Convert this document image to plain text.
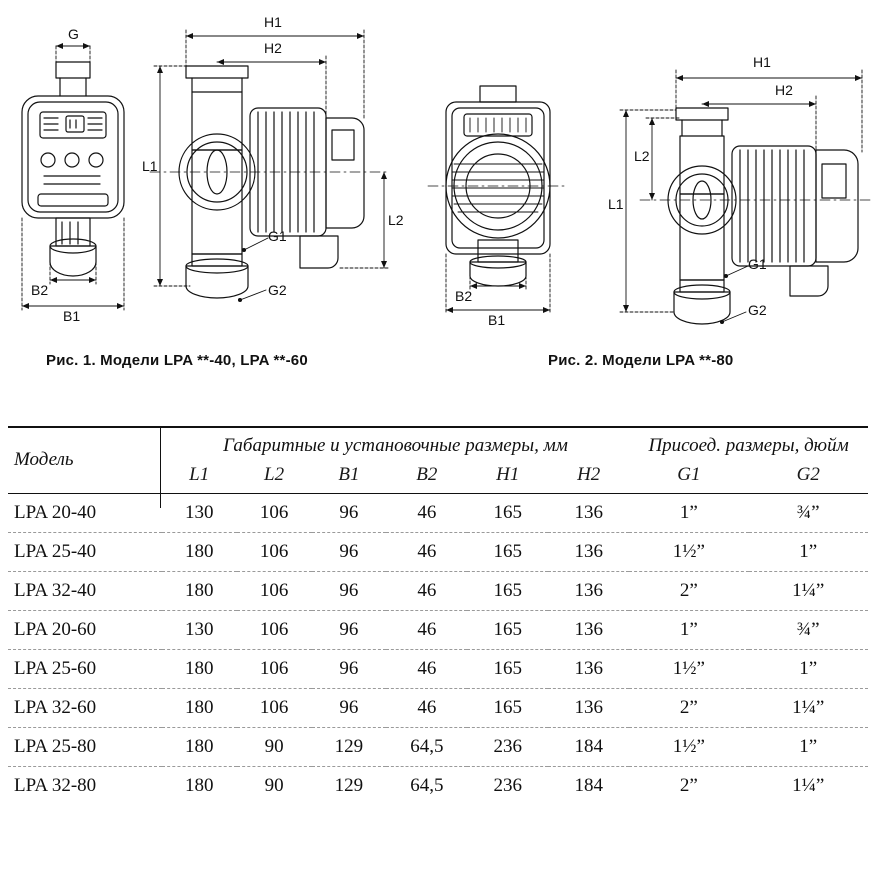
G
B2
B1
H1
H2
L1
L2
G1
G2	B2
B1
L1
H1
H2
L2
G1
G2
Рис. 1. Модели LPA **-40, LPA **-60	Рис. 2. Модели LPA **-80

Модель	Габаритные и установочные размеры, мм						Присоед. размеры, дюйм	
	L1	L2	B1	B2	H1	H2	G1	G2

LPA 20-40	130	106	96	46	165	136	1”	¾”
LPA 25-40	180	106	96	46	165	136	1½”	1”
LPA 32-40	180	106	96	46	165	136	2”	1¼”
LPA 20-60	130	106	96	46	165	136	1”	¾”
LPA 25-60	180	106	96	46	165	136	1½”	1”
LPA 32-60	180	106	96	46	165	136	2”	1¼”
LPA 25-80	180	90	129	64,5	236	184	1½”	1”
LPA 32-80	180	90	129	64,5	236	184	2”	1¼”
